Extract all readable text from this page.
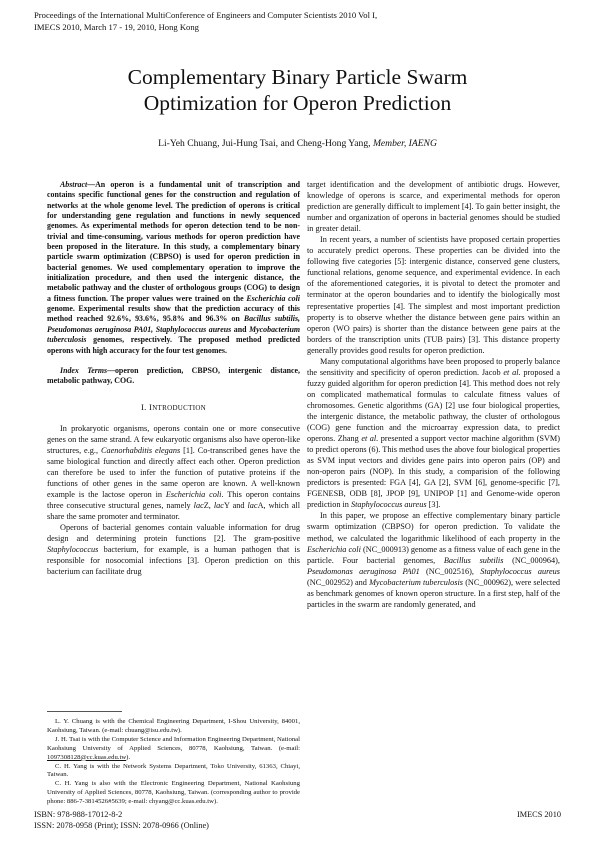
Proceedings of the International MultiConference of Engineers and Computer Scientists 2010 Vol I,
IMECS 2010, March 17 - 19, 2010, Hong Kong
Complementary Binary Particle Swarm
Optimization for Operon Prediction
Li-Yeh Chuang, Jui-Hung Tsai, and Cheng-Hong Yang, Member, IAENG

Abstract—An operon is a fundamental unit of transcription and contains specific functional genes for the construction and regulation of networks at the whole genome level. The prediction of operons is critical for understanding gene regulation and functions in newly sequenced genomes. As experimental methods for operon detection tend to be non-trivial and time-consuming, various methods for operon prediction have been proposed in the literature. In this study, a complementary binary particle swarm optimization (CBPSO) is used for operon prediction in bacterial genomes. We used complementary operation to improve the initialization procedure, and then used the intergenic distance, the metabolic pathway and the cluster of orthologous groups (COG) to design a fitness function. The proper values were trained on the Escherichia coli genome. Experimental results show that the prediction accuracy of this method reached 92.6%, 93.6%, 95.8% and 96.3% on Bacillus subtilis, Pseudomonas aeruginosa PA01, Staphylococcus aureus and Mycobacterium tuberculosis genomes, respectively. The proposed method predicted operons with high accuracy for the four test genomes.

Index Terms—operon prediction, CBPSO, intergenic distance, metabolic pathway, COG.

I. INTRODUCTION

In prokaryotic organisms, operons contain one or more consecutive genes on the same strand. A few eukaryotic organisms also have operon-like structures, e.g., Caenorhabditis elegans [1]. Co-transcribed genes have the same biological function and directly affect each other. Operon prediction can therefore be used to infer the function of putative proteins if the functions of other genes in the same operon are known. A well-known example is the lactose operon in Escherichia coli. This operon contains three consecutive structural genes, namely lacZ, lacY and lacA, which all share the same promoter and terminator.

Operons of bacterial genomes contain valuable information for drug design and determining protein functions [2]. The gram-positive Staphylococcus bacterium, for example, is a human pathogen that is responsible for nosocomial infections [3]. Operon prediction on this bacterium can facilitate drug

L. Y. Chuang is with the Chemical Engineering Department, I-Shou University, 84001, Kaohsiung, Taiwan. (e-mail: chuang@isu.edu.tw).

J. H. Tsai is with the Computer Science and Information Engineering Department, National Kaohsiung University of Applied Sciences, 80778, Kaohsiung, Taiwan. (e-mail: 1097308128@cc.kuas.edu.tw).

C. H. Yang is with the Network Systems Department, Toko University, 61363, Chiayi, Taiwan.

C. H. Yang is also with the Electronic Engineering Department, National Kaohsiung University of Applied Sciences, 80778, Kaohsiung, Taiwan. (corresponding author to provide phone: 886-7-3814526#5639; e-mail: chyang@cc.kuas.edu.tw).

target identification and the development of antibiotic drugs. However, knowledge of operons is scarce, and experimental methods for operon prediction are generally difficult to implement [4]. To gain better insight, the number and organization of operons in bacterial genomes should be studied in greater detail.

In recent years, a number of scientists have proposed certain properties to accurately predict operons. These properties can be divided into the following five categories [5]: intergenic distance, conserved gene clusters, functional relations, genome sequence, and experimental evidence. In each of the aforementioned categories, it is pivotal to detect the promoter and terminator at the operon boundaries and to identify the biologically most representative properties [4]. The simplest and most important prediction property is to observe whether the distance between gene pairs within an operon (WO pairs) is shorter than the distance between gene pairs at the borders of the transcription units (TUB pairs) [3]. This distance property generally provides good results for operon prediction.

Many computational algorithms have been proposed to properly balance the sensitivity and specificity of operon prediction. Jacob et al. proposed a fuzzy guided algorithm for operon prediction [4]. This method does not rely on complicated mathematical formulas to calculate fitness values of chromosomes. Genetic algorithms (GA) [2] use four biological properties, the intergenic distance, the metabolic pathway, the cluster of orthologous (COG) gene function and the microarray expression data, to predict operons. Zhang et al. presented a support vector machine algorithm (SVM) to predict operons (6). This method uses the above four biological properties as SVM input vectors and divides gene pairs into operon pairs (OP) and non-operon pairs (NOP). In this study, a comparision of the following predictors is presented: FGA [4], GA [2], SVM [6], genome-specific [7], FGENESB, ODB [8], JPOP [9], UNIPOP [1] and Genome-wide operon prediction in Staphylococcus aureus [3].

In this paper, we propose an effective complementary binary particle swarm optimization (CBPSO) for operon prediction. To validate the method, we calculated the logarithmic likelihood of each property in the Escherichia coli (NC_000913) genome as a fitness value of each gene in the particle. Four bacterial genomes, Bacillus subtilis (NC_000964), Pseudomonas aeruginosa PA01 (NC_002516), Staphylococcus aureus (NC_002952) and Mycobacterium tuberculosis (NC_000962), were selected as benchmark genomes of known operon structure. In a first step, half of the particles in the swarm are randomly generated, and

ISBN: 978-988-17012-8-2
ISSN: 2078-0958 (Print); ISSN: 2078-0966 (Online)
IMECS 2010
